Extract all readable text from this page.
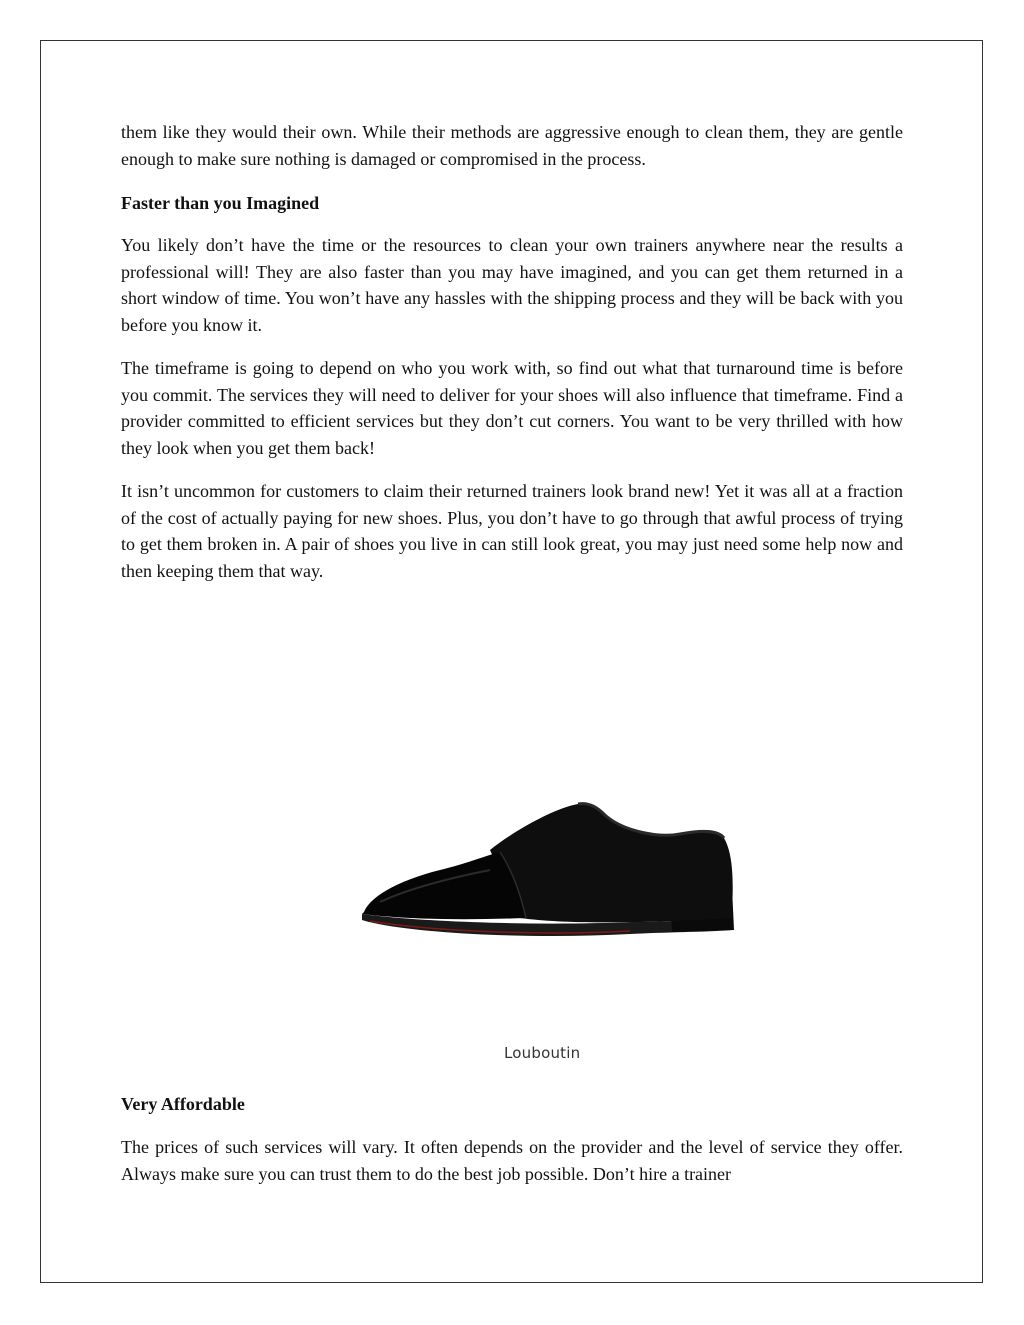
them like they would their own. While their methods are aggressive enough to clean them, they are gentle enough to make sure nothing is damaged or compromised in the process.

Faster than you Imagined

You likely don’t have the time or the resources to clean your own trainers anywhere near the results a professional will! They are also faster than you may have imagined, and you can get them returned in a short window of time. You won’t have any hassles with the shipping process and they will be back with you before you know it.

The timeframe is going to depend on who you work with, so find out what that turnaround time is before you commit. The services they will need to deliver for your shoes will also influence that timeframe. Find a provider committed to efficient services but they don’t cut corners. You want to be very thrilled with how they look when you get them back!

It isn’t uncommon for customers to claim their returned trainers look brand new! Yet it was all at a fraction of the cost of actually paying for new shoes. Plus, you don’t have to go through that awful process of trying to get them broken in. A pair of shoes you live in can still look great, you may just need some help now and then keeping them that way.

Louboutin

Very Affordable

The prices of such services will vary. It often depends on the provider and the level of service they offer. Always make sure you can trust them to do the best job possible. Don’t hire a trainer
